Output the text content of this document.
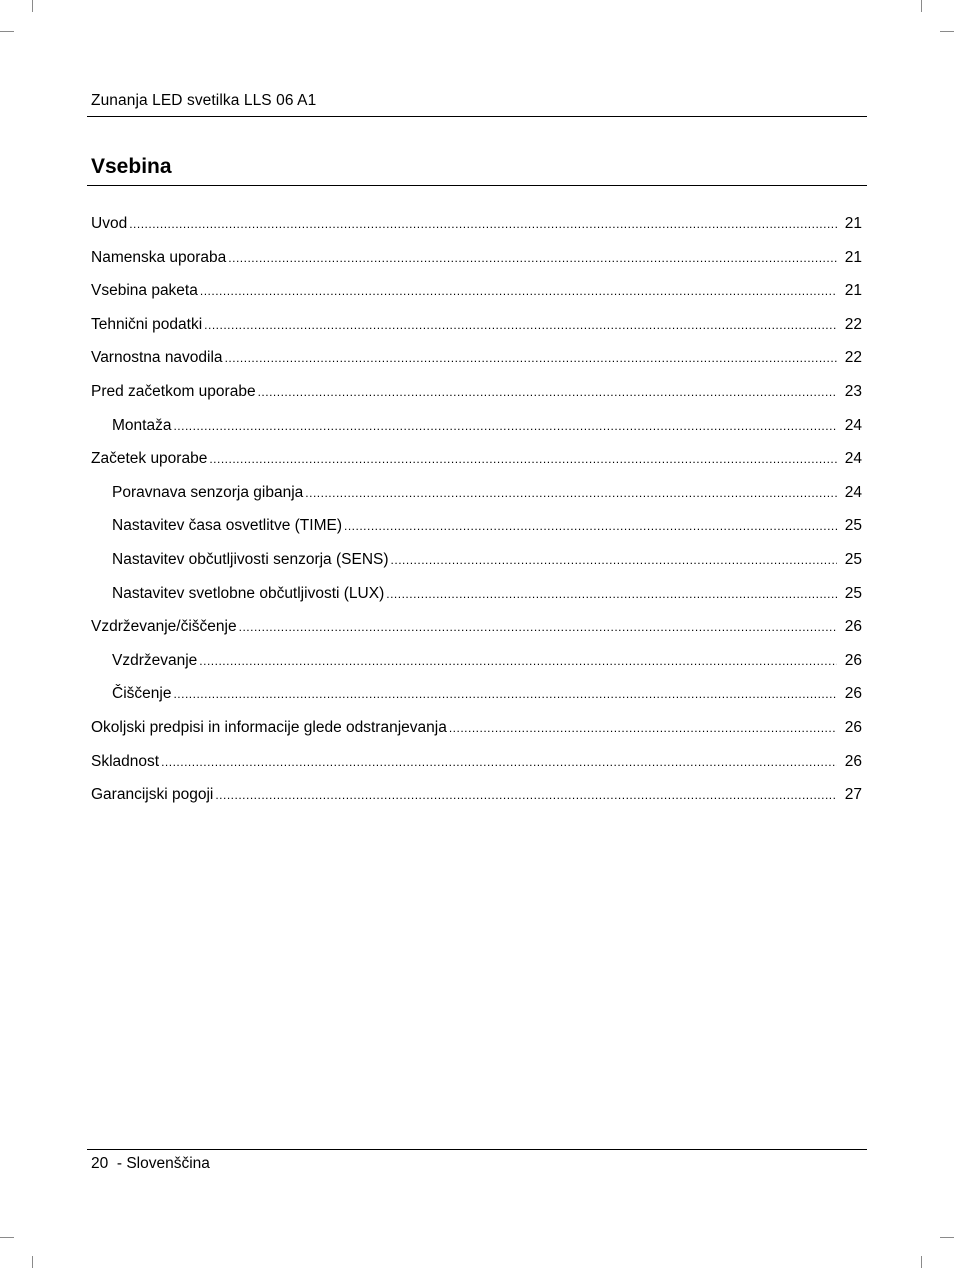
Zunanja LED svetilka LLS 06 A1
Vsebina
Uvod .....	21
Namenska uporaba .....	21
Vsebina paketa .....	21
Tehnični podatki .....	22
Varnostna navodila .....	22
Pred začetkom uporabe .....	23
Montaža .....	24
Začetek uporabe .....	24
Poravnava senzorja gibanja .....	24
Nastavitev časa osvetlitve (TIME) .....	25
Nastavitev občutljivosti senzorja (SENS) .....	25
Nastavitev svetlobne občutljivosti (LUX) .....	25
Vzdrževanje/čiščenje .....	26
Vzdrževanje .....	26
Čiščenje .....	26
Okoljski predpisi in informacije glede odstranjevanja .....	26
Skladnost .....	26
Garancijski pogoji .....	27
20  - Slovenščina
